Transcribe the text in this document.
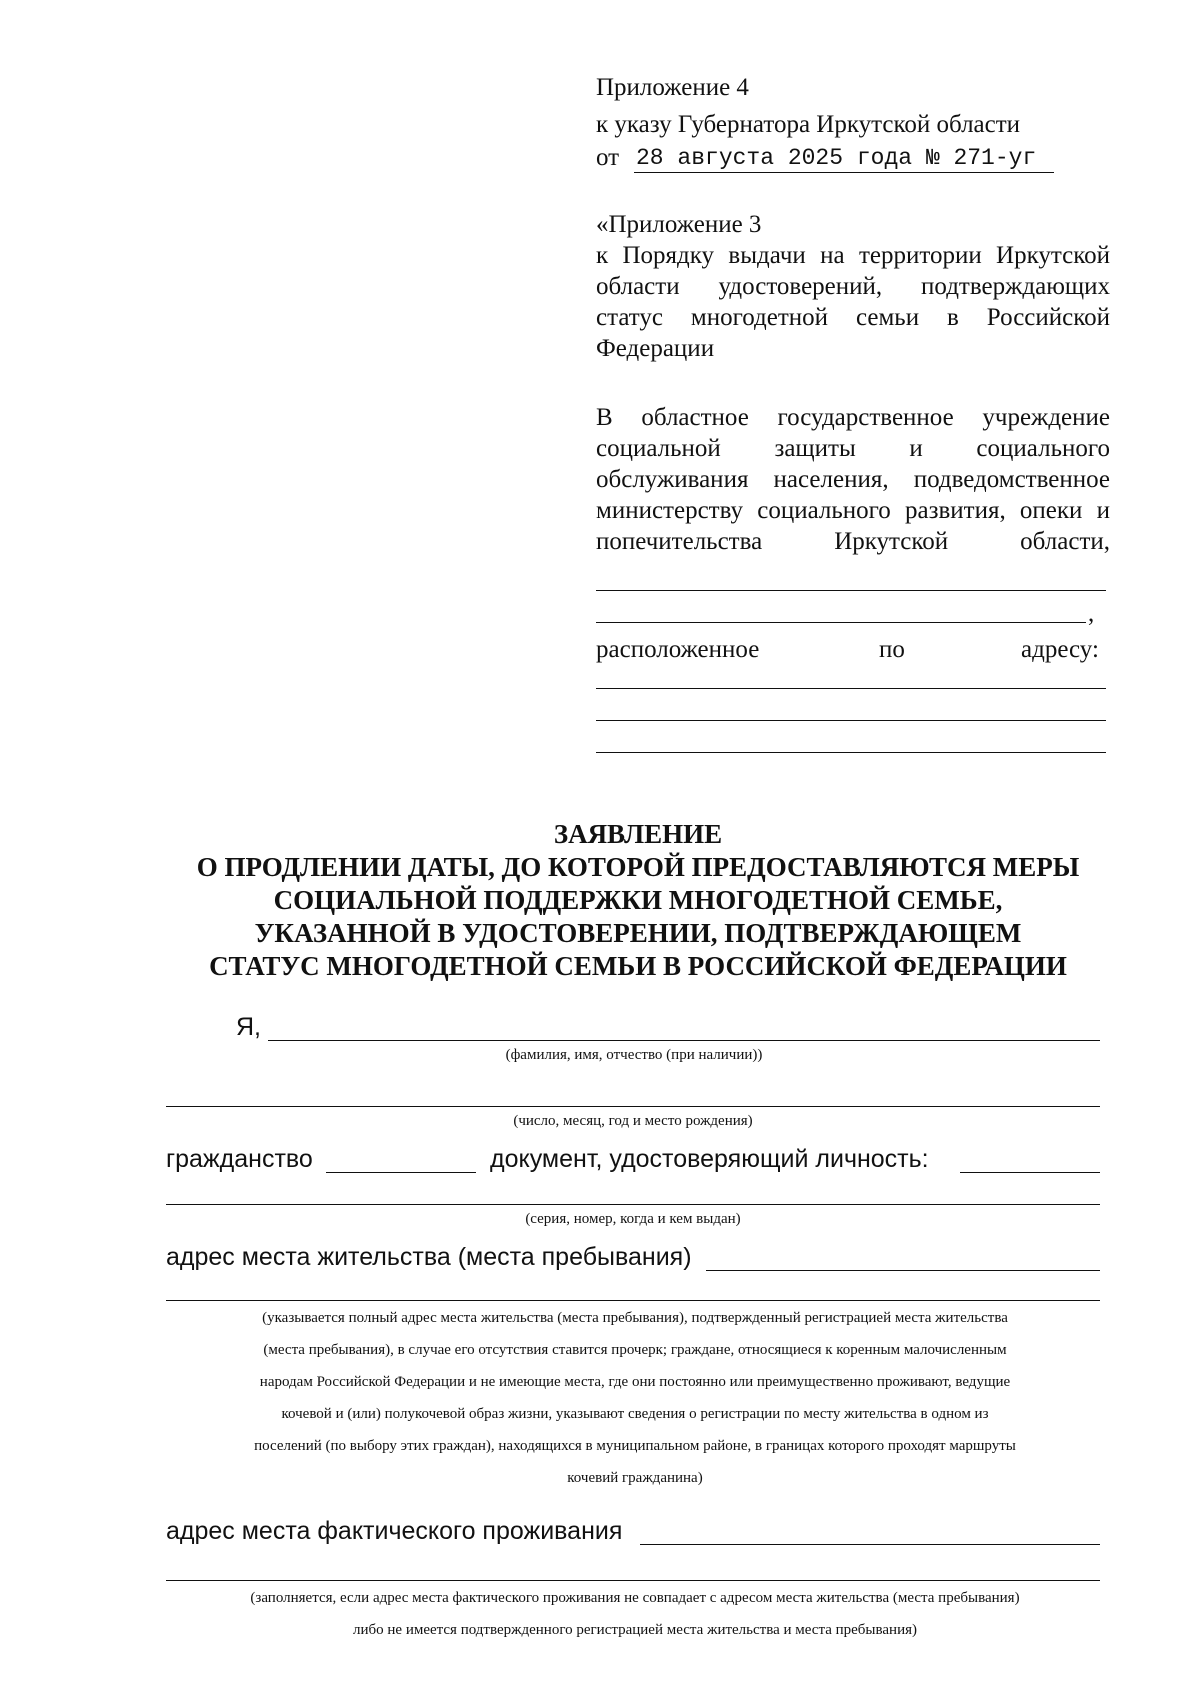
Приложение 4
к указу Губернатора Иркутской области
от 28 августа 2025 года № 271-уг
«Приложение 3
к Порядку выдачи на территории Иркутской области удостоверений, подтверждающих статус многодетной семьи в Российской Федерации
В областное государственное учреждение социальной защиты и социального обслуживания населения, подведомственное министерству социального развития, опеки и попечительства Иркутской области,
,
расположенное	по	адресу:
ЗАЯВЛЕНИЕ
О ПРОДЛЕНИИ ДАТЫ, ДО КОТОРОЙ ПРЕДОСТАВЛЯЮТСЯ МЕРЫ
СОЦИАЛЬНОЙ ПОДДЕРЖКИ МНОГОДЕТНОЙ СЕМЬЕ,
УКАЗАННОЙ В УДОСТОВЕРЕНИИ, ПОДТВЕРЖДАЮЩЕМ
СТАТУС МНОГОДЕТНОЙ СЕМЬИ В РОССИЙСКОЙ ФЕДЕРАЦИИ
Я,
(фамилия, имя, отчество (при наличии))
(число, месяц, год и место рождения)
гражданство	документ, удостоверяющий личность:
(серия, номер, когда и кем выдан)
адрес места жительства (места пребывания)
(указывается полный адрес места жительства (места пребывания), подтвержденный регистрацией места жительства
(места пребывания), в случае его отсутствия ставится прочерк; граждане, относящиеся к коренным малочисленным
народам Российской Федерации и не имеющие места, где они постоянно или преимущественно проживают, ведущие
кочевой и (или) полукочевой образ жизни, указывают сведения о регистрации по месту жительства в одном из
поселений (по выбору этих граждан), находящихся в муниципальном районе, в границах которого проходят маршруты
кочевий гражданина)
адрес места фактического проживания
(заполняется, если адрес места фактического проживания не совпадает с адресом места жительства (места пребывания)
либо не имеется подтвержденного регистрацией места жительства и места пребывания)
